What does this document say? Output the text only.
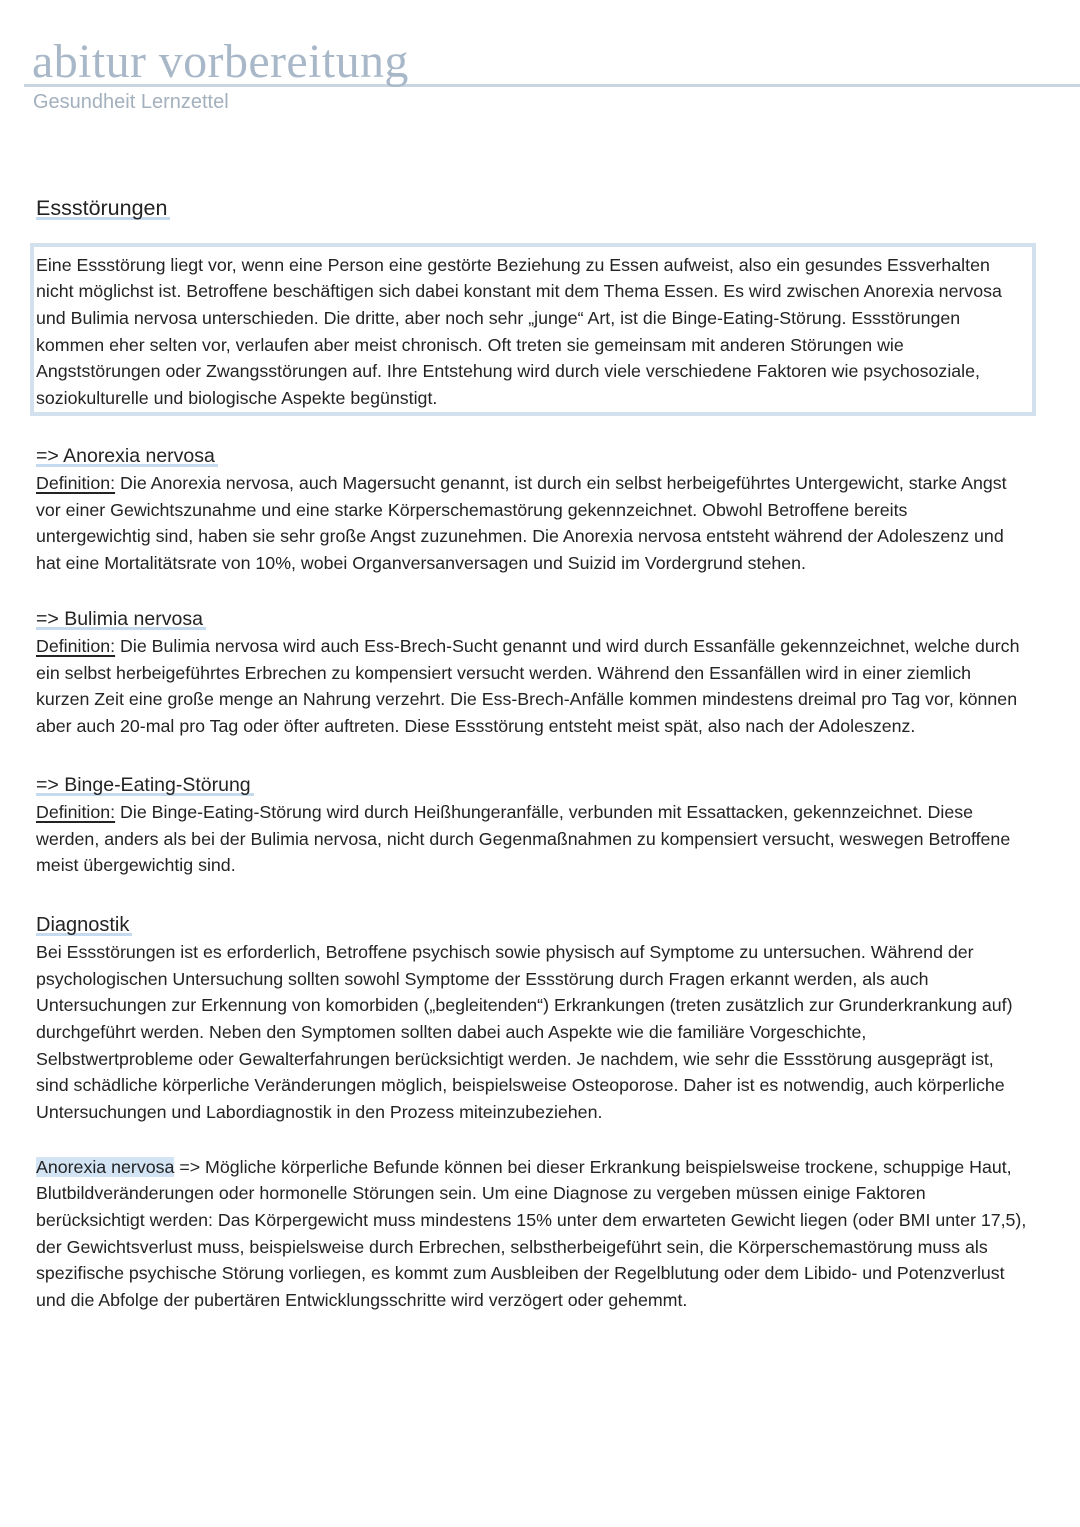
abitur vorbereitung
Gesundheit Lernzettel
Essstörungen
Eine Essstörung liegt vor, wenn eine Person eine gestörte Beziehung zu Essen aufweist, also ein gesundes Essverhalten
nicht möglichst ist. Betroffene beschäftigen sich dabei konstant mit dem Thema Essen. Es wird zwischen Anorexia nervosa
und Bulimia nervosa unterschieden. Die dritte, aber noch sehr „junge“ Art, ist die Binge-Eating-Störung. Essstörungen
kommen eher selten vor, verlaufen aber meist chronisch. Oft treten sie gemeinsam mit anderen Störungen wie
Angststörungen oder Zwangsstörungen auf. Ihre Entstehung wird durch viele verschiedene Faktoren wie psychosoziale,
soziokulturelle und biologische Aspekte begünstigt.
=> Anorexia nervosa
Definition: Die Anorexia nervosa, auch Magersucht genannt, ist durch ein selbst herbeigeführtes Untergewicht, starke Angst
vor einer Gewichtszunahme und eine starke Körperschemastörung gekennzeichnet. Obwohl Betroffene bereits
untergewichtig sind, haben sie sehr große Angst zuzunehmen. Die Anorexia nervosa entsteht während der Adoleszenz und
hat eine Mortalitätsrate von 10%, wobei Organversanversagen und Suizid im Vordergrund stehen.
=> Bulimia nervosa
Definition: Die Bulimia nervosa wird auch Ess-Brech-Sucht genannt und wird durch Essanfälle gekennzeichnet, welche durch
ein selbst herbeigeführtes Erbrechen zu kompensiert versucht werden. Während den Essanfällen wird in einer ziemlich
kurzen Zeit eine große menge an Nahrung verzehrt. Die Ess-Brech-Anfälle kommen mindestens dreimal pro Tag vor, können
aber auch 20-mal pro Tag oder öfter auftreten. Diese Essstörung entsteht meist spät, also nach der Adoleszenz.
=> Binge-Eating-Störung
Definition: Die Binge-Eating-Störung wird durch Heißhungeranfälle, verbunden mit Essattacken, gekennzeichnet. Diese
werden, anders als bei der Bulimia nervosa, nicht durch Gegenmaßnahmen zu kompensiert versucht, weswegen Betroffene
meist übergewichtig sind.
Diagnostik
Bei Essstörungen ist es erforderlich, Betroffene psychisch sowie physisch auf Symptome zu untersuchen. Während der
psychologischen Untersuchung sollten sowohl Symptome der Essstörung durch Fragen erkannt werden, als auch
Untersuchungen zur Erkennung von komorbiden („begleitenden“) Erkrankungen (treten zusätzlich zur Grunderkrankung auf)
durchgeführt werden. Neben den Symptomen sollten dabei auch Aspekte wie die familiäre Vorgeschichte,
Selbstwertprobleme oder Gewalterfahrungen berücksichtigt werden. Je nachdem, wie sehr die Essstörung ausgeprägt ist,
sind schädliche körperliche Veränderungen möglich, beispielsweise Osteoporose. Daher ist es notwendig, auch körperliche
Untersuchungen und Labordiagnostik in den Prozess miteinzubeziehen.
Anorexia nervosa => Mögliche körperliche Befunde können bei dieser Erkrankung beispielsweise trockene, schuppige Haut,
Blutbildveränderungen oder hormonelle Störungen sein. Um eine Diagnose zu vergeben müssen einige Faktoren
berücksichtigt werden: Das Körpergewicht muss mindestens 15% unter dem erwarteten Gewicht liegen (oder BMI unter 17,5),
der Gewichtsverlust muss, beispielsweise durch Erbrechen, selbstherbeigeführt sein, die Körperschemastörung muss als
spezifische psychische Störung vorliegen, es kommt zum Ausbleiben der Regelblutung oder dem Libido- und Potenzverlust
und die Abfolge der pubertären Entwicklungsschritte wird verzögert oder gehemmt.
